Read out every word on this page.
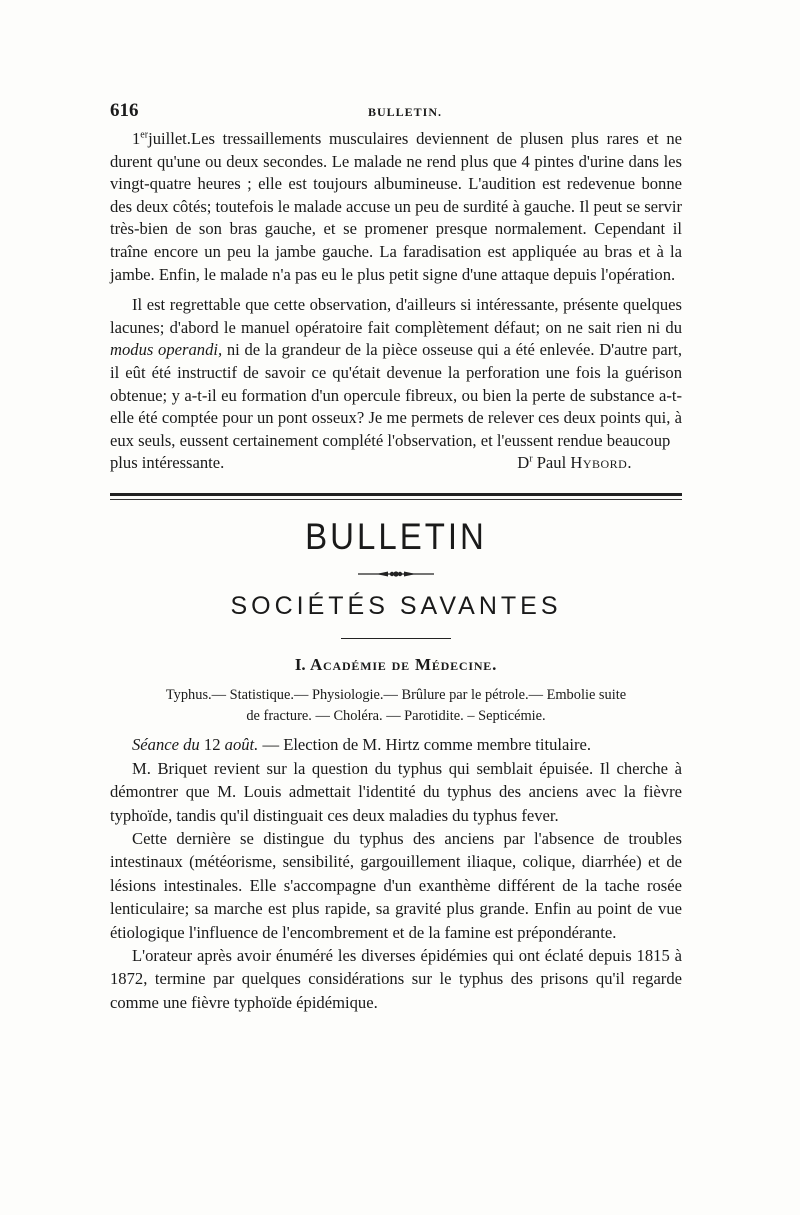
616	BULLETIN.

1erjuillet.Les tressaillements musculaires deviennent de plusen plus rares et ne durent qu'une ou deux secondes. Le malade ne rend plus que 4 pintes d'urine dans les vingt-quatre heures ; elle est toujours albumineuse. L'audition est redevenue bonne des deux côtés; toutefois le malade accuse un peu de surdité à gauche. Il peut se servir très-bien de son bras gauche, et se promener presque normalement. Cependant il traîne encore un peu la jambe gauche. La faradisation est appliquée au bras et à la jambe. Enfin, le malade n'a pas eu le plus petit signe d'une attaque depuis l'opération.

Il est regrettable que cette observation, d'ailleurs si intéressante, présente quelques lacunes; d'abord le manuel opératoire fait complètement défaut; on ne sait rien ni du modus operandi, ni de la grandeur de la pièce osseuse qui a été enlevée. D'autre part, il eût été instructif de savoir ce qu'était devenue la perforation une fois la guérison obtenue; y a-t-il eu formation d'un opercule fibreux, ou bien la perte de substance a-t-elle été comptée pour un pont osseux? Je me permets de relever ces deux points qui, à eux seuls, eussent certainement complété l'observation, et l'eussent rendue beaucoup

plus intéressante.	$D^r$ Paul Hybord.
BULLETIN
SOCIÉTÉS SAVANTES
I. Académie de Médecine.
Typhus.— Statistique.— Physiologie.— Brûlure par le pétrole.— Embolie suite
de fracture. — Choléra. — Parotidite. – Septicémie.

Séance du 12 août. — Election de M. Hirtz comme membre titulaire.

M. Briquet revient sur la question du typhus qui semblait épuisée. Il cherche à démontrer que M. Louis admettait l'identité du typhus des anciens avec la fièvre typhoïde, tandis qu'il distinguait ces deux maladies du typhus fever.

Cette dernière se distingue du typhus des anciens par l'absence de troubles intestinaux (météorisme, sensibilité, gargouillement iliaque, colique, diarrhée) et de lésions intestinales. Elle s'accompagne d'un exanthème différent de la tache rosée lenticulaire; sa marche est plus rapide, sa gravité plus grande. Enfin au point de vue étiologique l'influence de l'encombrement et de la famine est prépondérante.

L'orateur après avoir énuméré les diverses épidémies qui ont éclaté depuis 1815 à 1872, termine par quelques considérations sur le typhus des prisons qu'il regarde comme une fièvre typhoïde épidémique.
